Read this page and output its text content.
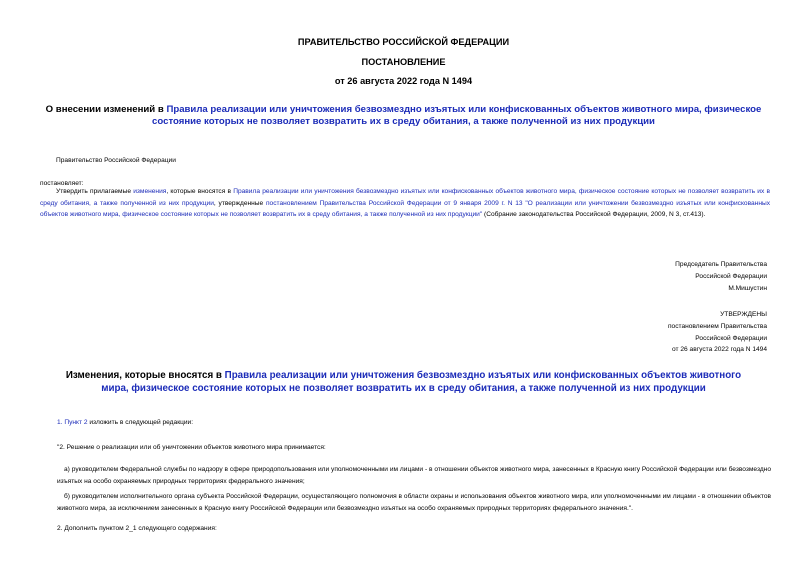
ПРАВИТЕЛЬСТВО РОССИЙСКОЙ ФЕДЕРАЦИИ
ПОСТАНОВЛЕНИЕ
от 26 августа 2022 года N 1494
О внесении изменений в Правила реализации или уничтожения безвозмездно изъятых или конфискованных объектов животного мира, физическое состояние которых не позволяет возвратить их в среду обитания, а также полученной из них продукции
Правительство Российской Федерации
постановляет:
Утвердить прилагаемые изменения, которые вносятся в Правила реализации или уничтожения безвозмездно изъятых или конфискованных объектов животного мира, физическое состояние которых не позволяет возвратить их в среду обитания, а также полученной из них продукции, утвержденные постановлением Правительства Российской Федерации от 9 января 2009 г. N 13 "О реализации или уничтожении безвозмездно изъятых или конфискованных объектов животного мира, физическое состояние которых не позволяет возвратить их в среду обитания, а также полученной из них продукции" (Собрание законодательства Российской Федерации, 2009, N 3, ст.413).
Председатель Правительства
Российской Федерации
М.Мишустин
УТВЕРЖДЕНЫ
постановлением Правительства
Российской Федерации
от 26 августа 2022 года N 1494
Изменения, которые вносятся в Правила реализации или уничтожения безвозмездно изъятых или конфискованных объектов животного мира, физическое состояние которых не позволяет возвратить их в среду обитания, а также полученной из них продукции
1. Пункт 2 изложить в следующей редакции:
"2. Решение о реализации или об уничтожении объектов животного мира принимается:
а) руководителем Федеральной службы по надзору в сфере природопользования или уполномоченными им лицами - в отношении объектов животного мира, занесенных в Красную книгу Российской Федерации или безвозмездно изъятых на особо охраняемых природных территориях федерального значения;
б) руководителем исполнительного органа субъекта Российской Федерации, осуществляющего полномочия в области охраны и использования объектов животного мира, или уполномоченными им лицами - в отношении объектов животного мира, за исключением занесенных в Красную книгу Российской Федерации или безвозмездно изъятых на особо охраняемых природных территориях федерального значения.".
2. Дополнить пунктом 2_1 следующего содержания:
